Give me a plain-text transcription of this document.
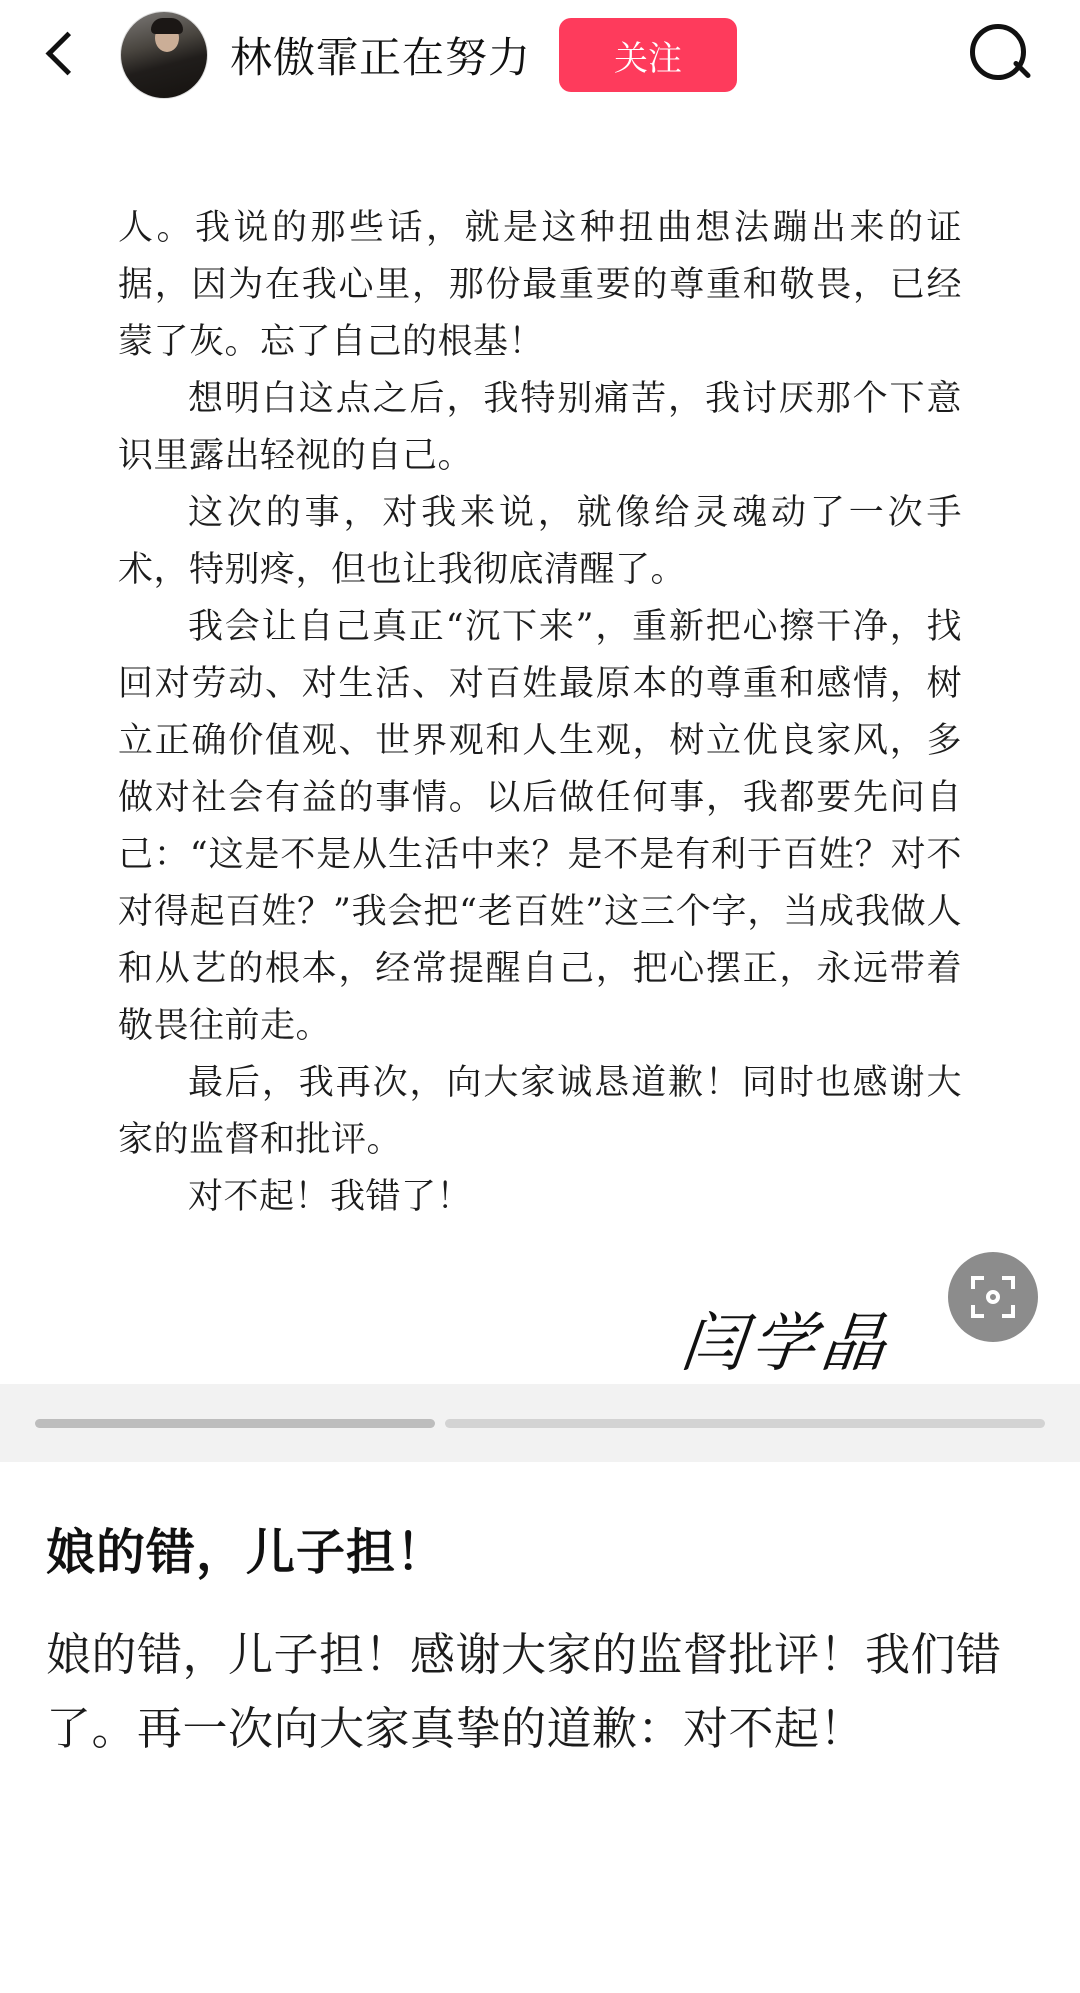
林傲霏正在努力	关注

人。我说的那些话，就是这种扭曲想法蹦出来的证据，因为在我心里，那份最重要的尊重和敬畏，已经蒙了灰。忘了自己的根基！

想明白这点之后，我特别痛苦，我讨厌那个下意识里露出轻视的自己。

这次的事，对我来说，就像给灵魂动了一次手术，特别疼，但也让我彻底清醒了。

我会让自己真正“沉下来”，重新把心擦干净，找回对劳动、对生活、对百姓最原本的尊重和感情，树立正确价值观、世界观和人生观，树立优良家风，多做对社会有益的事情。以后做任何事，我都要先问自己：“这是不是从生活中来？是不是有利于百姓？对不对得起百姓？”我会把“老百姓”这三个字，当成我做人和从艺的根本，经常提醒自己，把心摆正，永远带着敬畏往前走。

最后，我再次，向大家诚恳道歉！同时也感谢大家的监督和批评。

对不起！我错了！

闫学晶
娘的错，儿子担！
娘的错，儿子担！感谢大家的监督批评！我们错了。再一次向大家真挚的道歉：对不起！
